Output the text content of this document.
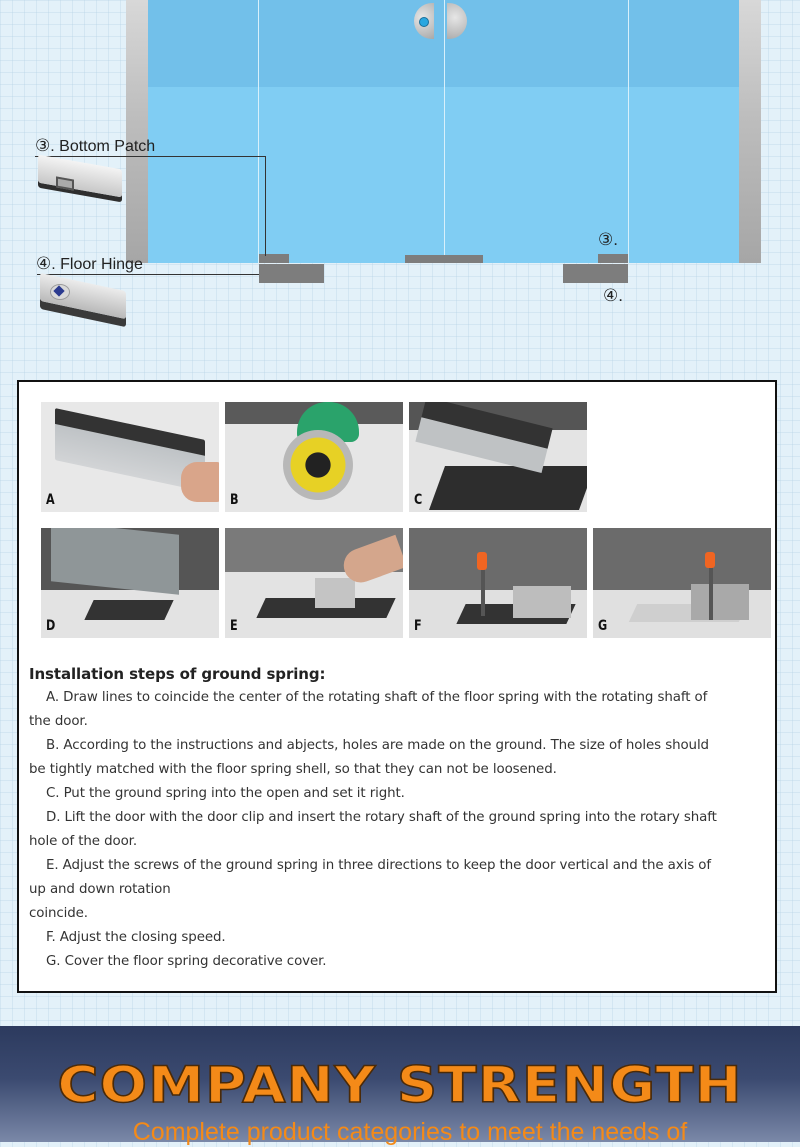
③. Bottom Patch
④. Floor Hinge
③.
④.
A	B	C
D	E	F	G
Installation steps of ground spring:

A. Draw lines to coincide the center of the rotating shaft of the floor spring with the rotating shaft of
the door.

B. According to the instructions and abjects, holes are made on the ground. The size of holes should
be tightly matched with the floor spring shell, so that they can not be loosened.

C. Put the ground spring into the open and set it right.

D. Lift the door with the door clip and insert the rotary shaft of the ground spring into the rotary shaft
hole of the door.

E. Adjust the screws of the ground spring in three directions to keep the door vertical and the axis of
up and down rotation
coincide.

F. Adjust the closing speed.

G. Cover the floor spring decorative cover.

COMPANY STRENGTH
Complete product categories to meet the needs of
